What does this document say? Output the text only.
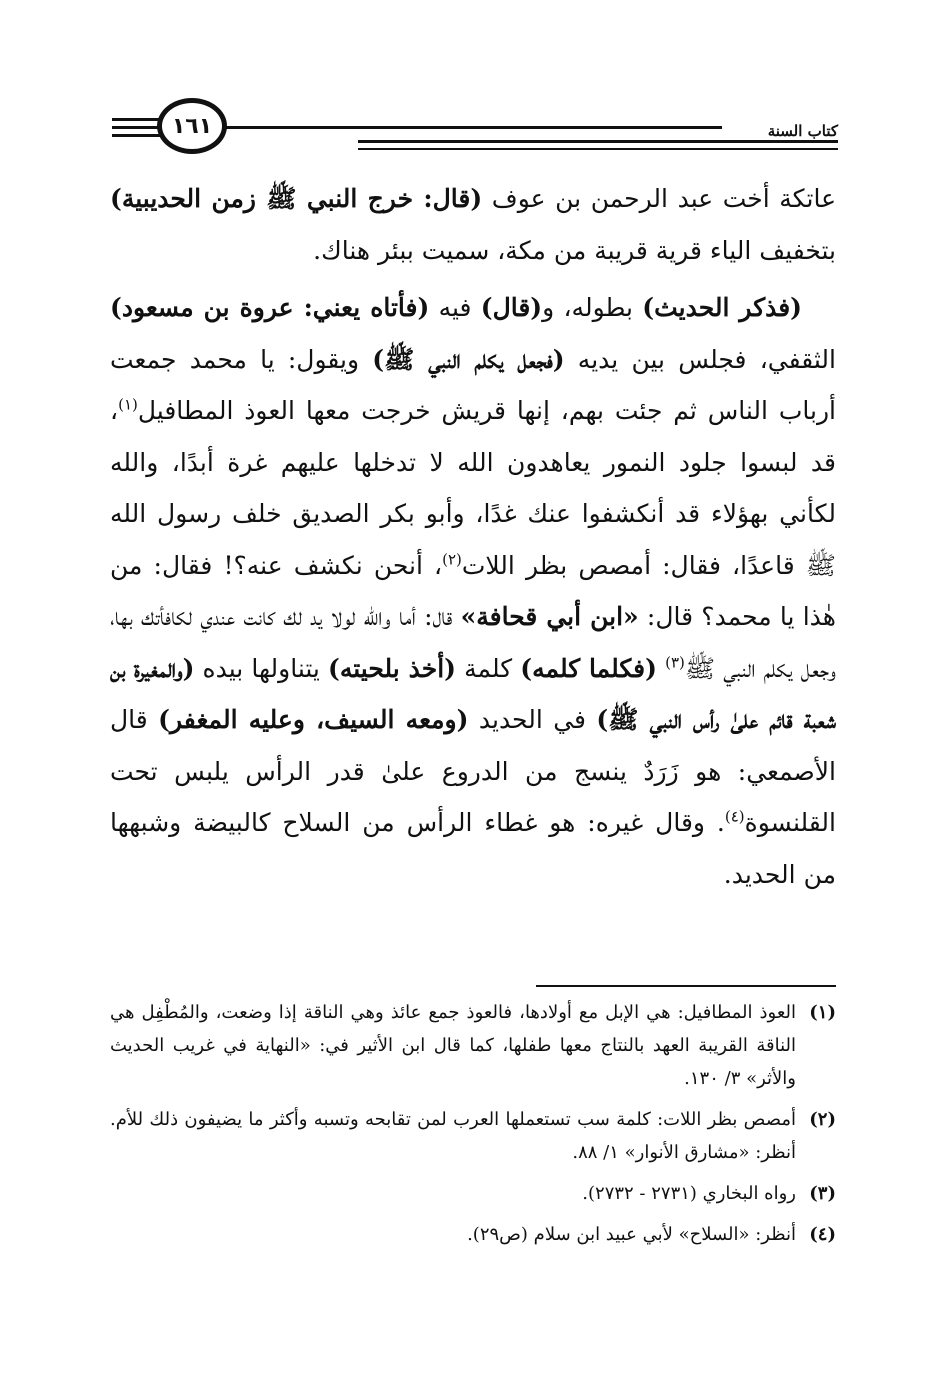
كتاب السنة
١٦١

عاتكة أخت عبد الرحمن بن عوف (قال: خرج النبي ﷺ زمن الحديبية) بتخفيف الياء قرية قريبة من مكة، سميت ببئر هناك.

(فذكر الحديث) بطوله، و(قال) فيه (فأتاه يعني: عروة بن مسعود) الثقفي، فجلس بين يديه (فجعل يكلم النبي ﷺ) ويقول: يا محمد جمعت أرباب الناس ثم جئت بهم، إنها قريش خرجت معها العوذ المطافيل$^{(١)}$، قد لبسوا جلود النمور يعاهدون الله لا تدخلها عليهم غرة أبدًا، والله لكأني بهؤلاء قد أنكشفوا عنك غدًا، وأبو بكر الصديق خلف رسول الله ﷺ قاعدًا، فقال: أمصص بظر اللات$^{(٢)}$، أنحن نكشف عنه؟! فقال: من هٰذا يا محمد؟ قال: «ابن أبي قحافة» قال: أما والله لولا يد لك كانت عندي لكافأتك بها، وجعل يكلم النبي ﷺ$^{(٣)}$ (فكلما كلمه) كلمة (أخذ بلحيته) يتناولها بيده (والمغيرة بن شعبة قائم علىٰ رأس النبي ﷺ) في الحديد (ومعه السيف، وعليه المغفر) قال الأصمعي: هو زَرَدٌ ينسج من الدروع علىٰ قدر الرأس يلبس تحت القلنسوة$^{(٤)}$. وقال غيره: هو غطاء الرأس من السلاح كالبيضة وشبهها من الحديد.

(١)
العوذ المطافيل: هي الإبل مع أولادها، فالعوذ جمع عائذ وهي الناقة إذا وضعت، والمُطْفِل هي الناقة القريبة العهد بالنتاج معها طفلها، كما قال ابن الأثير في: «النهاية في غريب الحديث والأثر» ٣/ ١٣٠.
(٢)
أمصص بظر اللات: كلمة سب تستعملها العرب لمن تقابحه وتسبه وأكثر ما يضيفون ذلك للأم. أنظر: «مشارق الأنوار» ١/ ٨٨.
(٣)
رواه البخاري (٢٧٣١ - ٢٧٣٢).
(٤)
أنظر: «السلاح» لأبي عبيد ابن سلام (ص٢٩).
